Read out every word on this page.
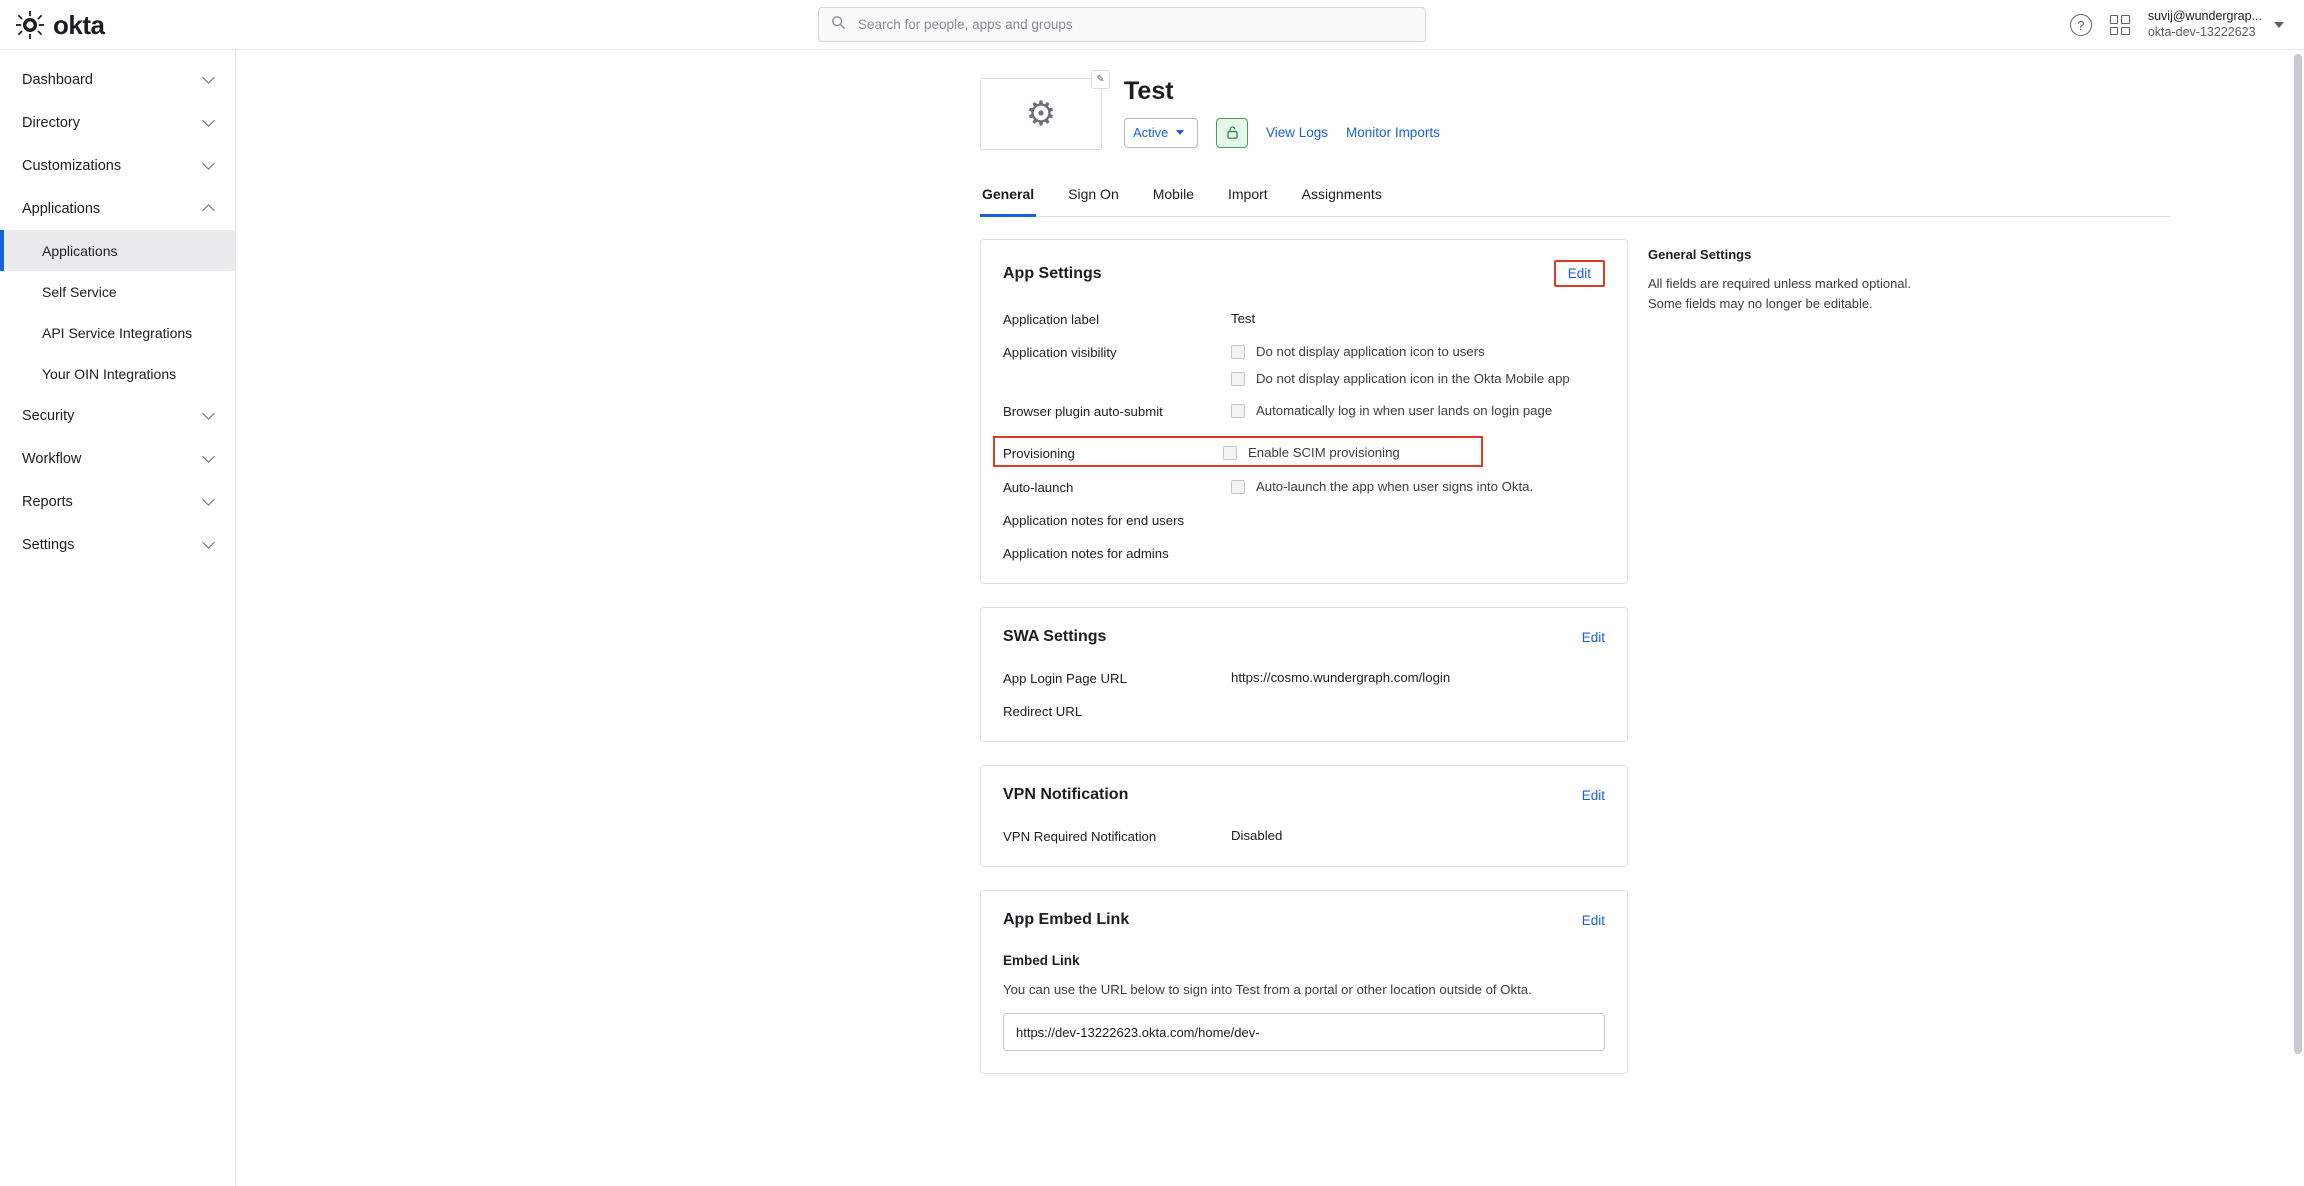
okta
Search for people, apps and groups	?
suvij@wundergrap...
okta-dev-13222623
Dashboard
Directory
Customizations
Applications
Applications
Self Service
API Service Integrations
Your OIN Integrations
Security
Workflow
Reports
Settings
⚙
✎ Test
Active	View Logs Monitor Imports
General Sign On Mobile Import Assignments
App Settings	Edit
Application label	Test
Application visibility	Do not display application icon to users
Do not display application icon in the Okta Mobile app
Browser plugin auto-submit	Automatically log in when user lands on login page
Provisioning	Enable SCIM provisioning
Auto-launch	Auto-launch the app when user signs into Okta.
Application notes for end users
Application notes for admins
SWA Settings	Edit
App Login Page URL	https://cosmo.wundergraph.com/login
Redirect URL
VPN Notification	Edit
VPN Required Notification	Disabled
App Embed Link	Edit
Embed Link
You can use the URL below to sign into Test from a portal or other location outside of Okta.
https://dev-13222623.okta.com/home/dev-
General Settings

All fields are required unless marked optional. Some fields may no longer be editable.
